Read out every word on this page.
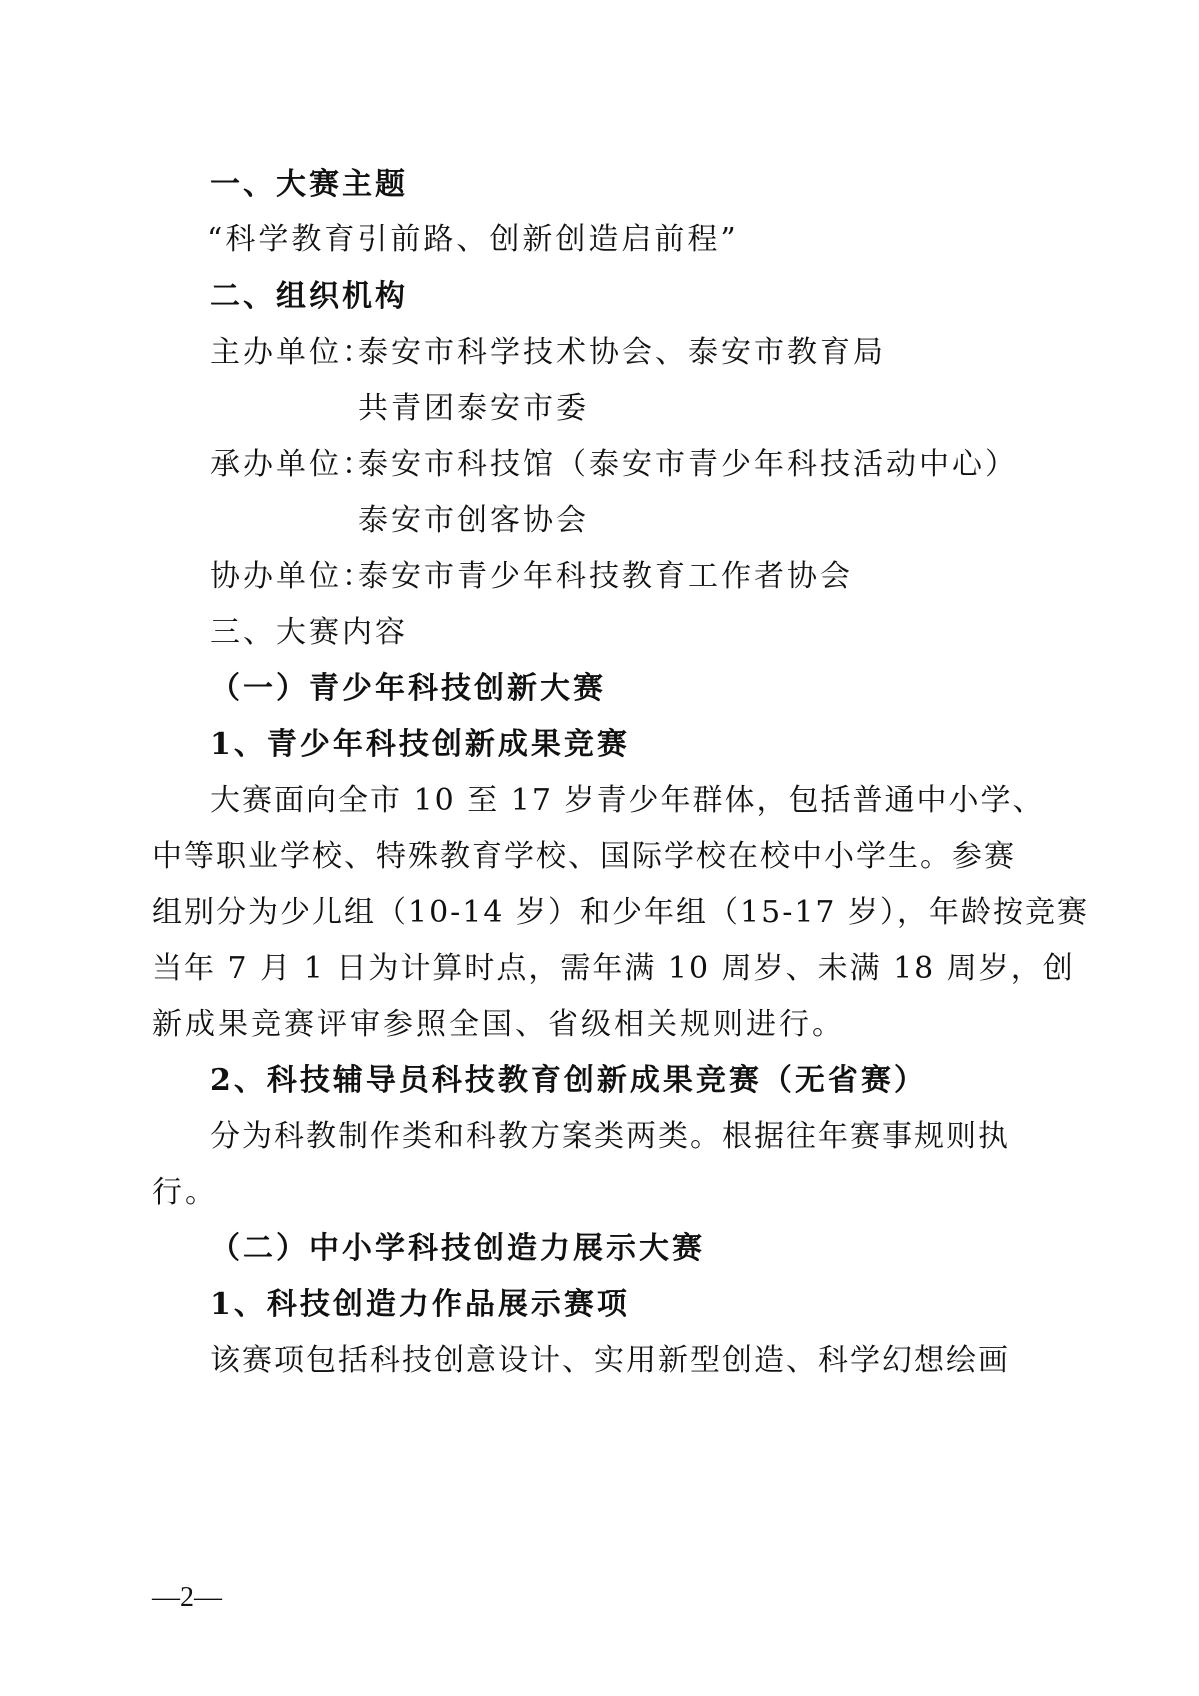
一、大赛主题
“科学教育引前路、创新创造启前程”
二、组织机构
主办单位：
泰安市科学技术协会、泰安市教育局
共青团泰安市委
承办单位：
泰安市科技馆（泰安市青少年科技活动中心）
泰安市创客协会
协办单位：
泰安市青少年科技教育工作者协会
三、大赛内容
（一）青少年科技创新大赛
1、青少年科技创新成果竞赛
大赛面向全市 10 至 17 岁青少年群体，包括普通中小学、
中等职业学校、特殊教育学校、国际学校在校中小学生。参赛
组别分为少儿组（10-14 岁）和少年组（15-17 岁），年龄按竞赛
当年 7 月 1 日为计算时点，需年满 10 周岁、未满 18 周岁，创
新成果竞赛评审参照全国、省级相关规则进行。
2、科技辅导员科技教育创新成果竞赛（无省赛）
分为科教制作类和科教方案类两类。根据往年赛事规则执
行。
（二）中小学科技创造力展示大赛
1、科技创造力作品展示赛项
该赛项包括科技创意设计、实用新型创造、科学幻想绘画
—2—
